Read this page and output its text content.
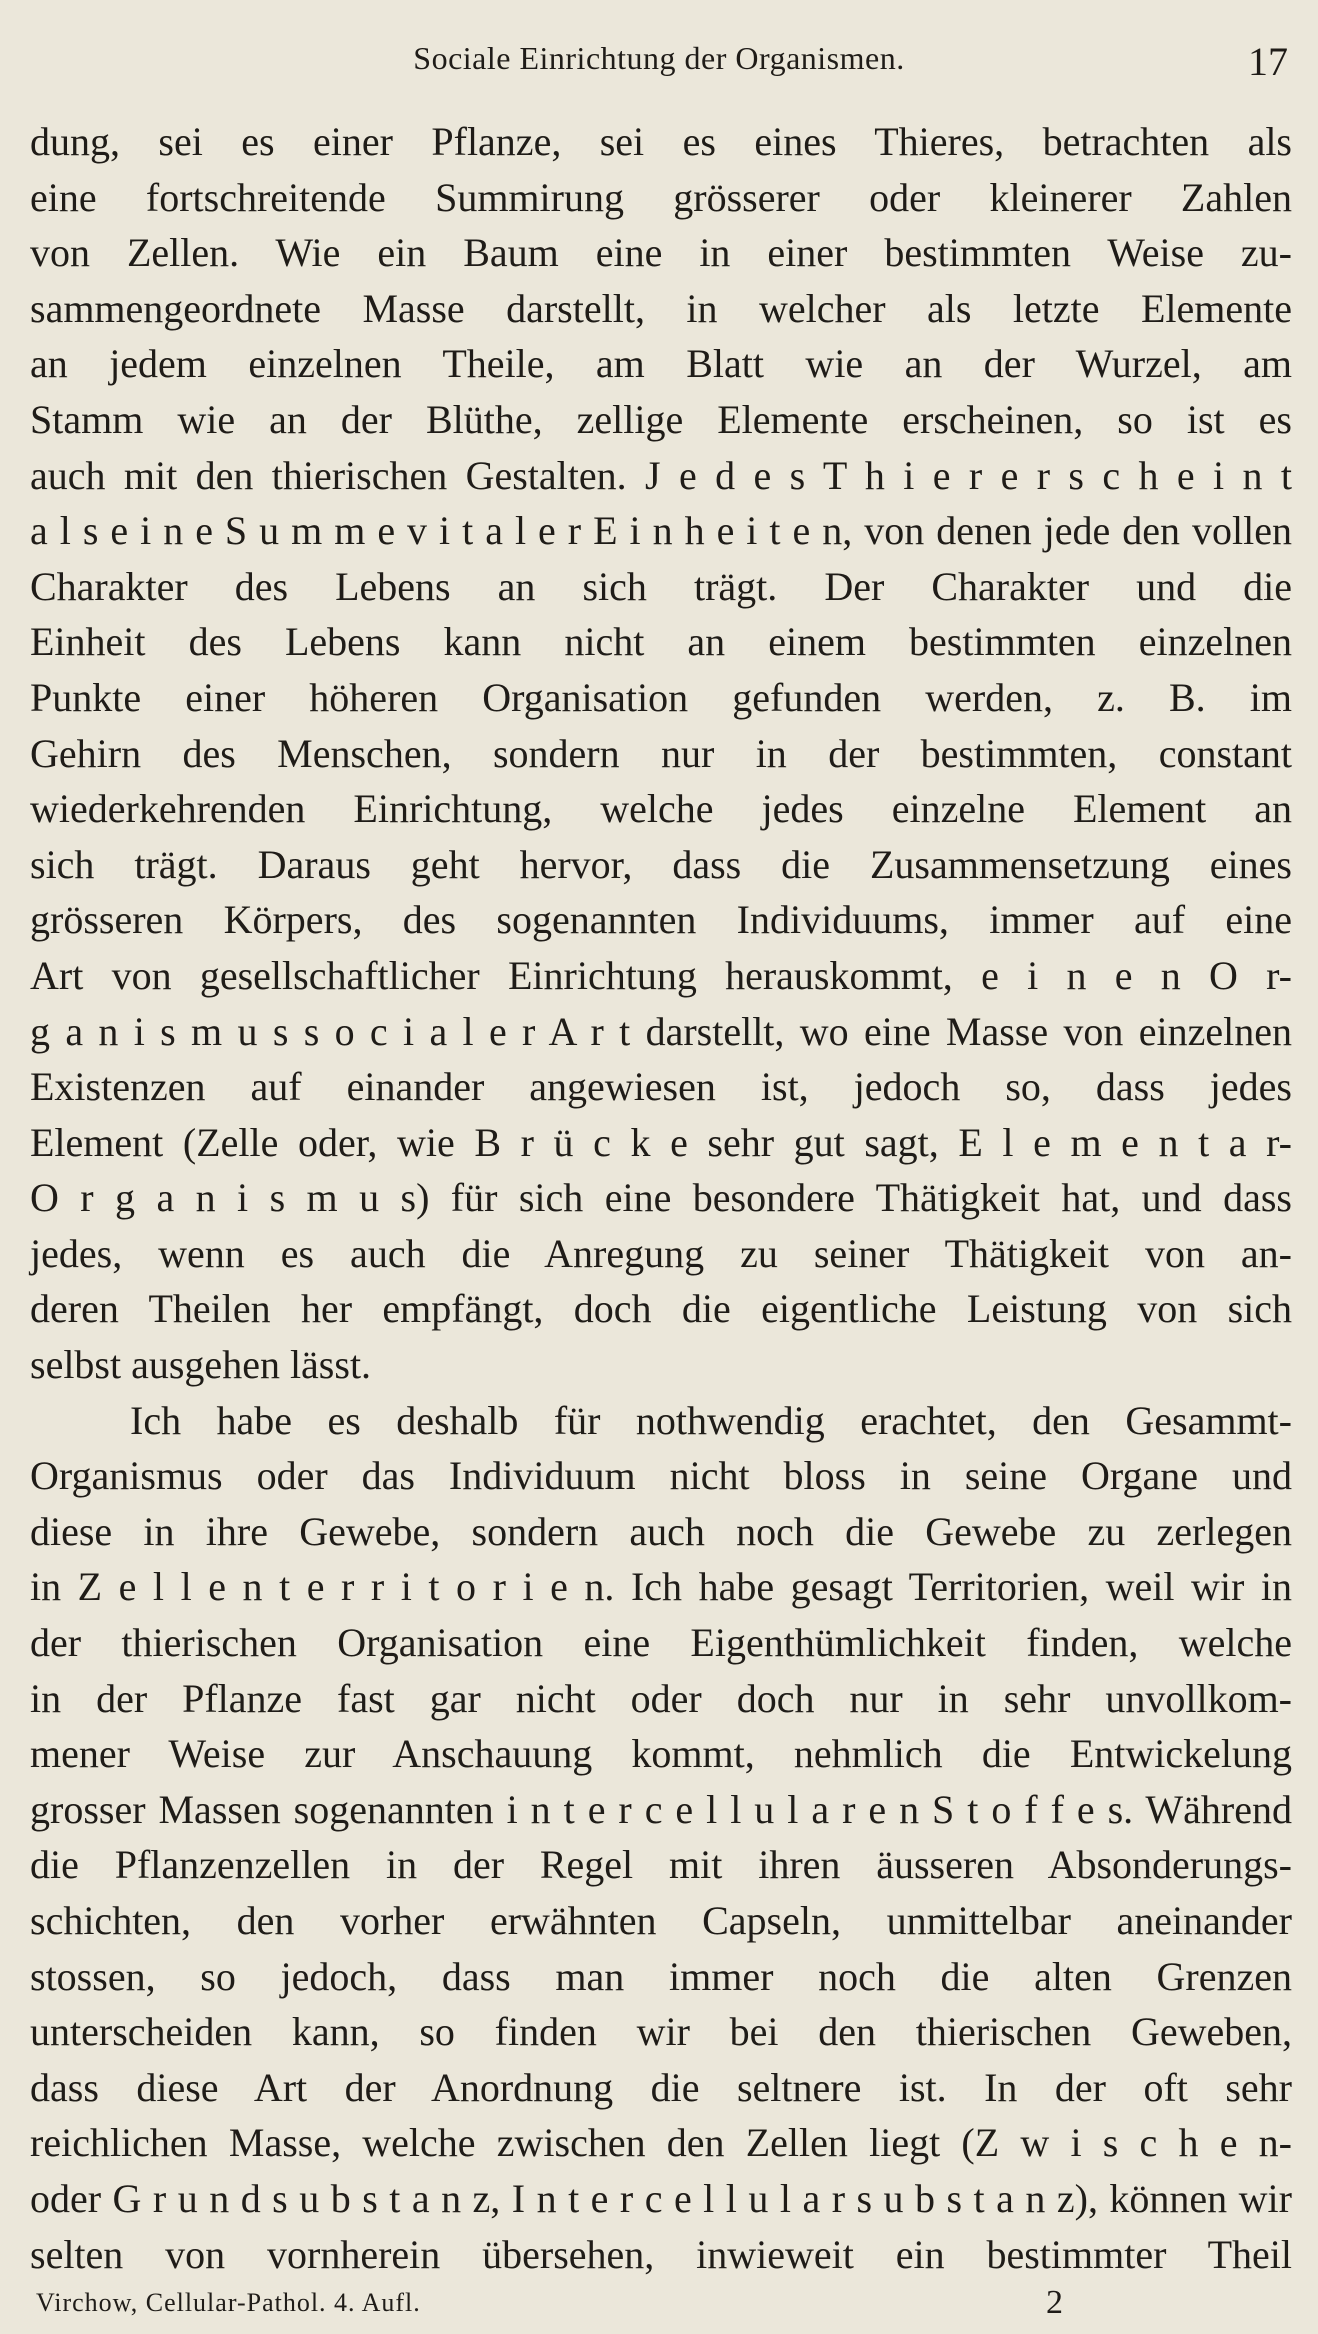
Sociale Einrichtung der Organismen.	17
dung, sei es einer Pflanze, sei es eines Thieres, betrachten als
eine fortschreitende Summirung grösserer oder kleinerer Zahlen
von Zellen. Wie ein Baum eine in einer bestimmten Weise zu-
sammengeordnete Masse darstellt, in welcher als letzte Elemente
an jedem einzelnen Theile, am Blatt wie an der Wurzel, am
Stamm wie an der Blüthe, zellige Elemente erscheinen, so ist es
auch mit den thierischen Gestalten. J e d e s T h i e r e r s c h e i n t
a l s e i n e S u m m e v i t a l e r E i n h e i t e n, von denen jede den vollen
Charakter des Lebens an sich trägt. Der Charakter und die
Einheit des Lebens kann nicht an einem bestimmten einzelnen
Punkte einer höheren Organisation gefunden werden, z. B. im
Gehirn des Menschen, sondern nur in der bestimmten, constant
wiederkehrenden Einrichtung, welche jedes einzelne Element an
sich trägt. Daraus geht hervor, dass die Zusammensetzung eines
grösseren Körpers, des sogenannten Individuums, immer auf eine
Art von gesellschaftlicher Einrichtung herauskommt, e i n e n O r-
g a n i s m u s s o c i a l e r A r t darstellt, wo eine Masse von einzelnen
Existenzen auf einander angewiesen ist, jedoch so, dass jedes
Element (Zelle oder, wie B r ü c k e sehr gut sagt, E l e m e n t a r-
O r g a n i s m u s) für sich eine besondere Thätigkeit hat, und dass
jedes, wenn es auch die Anregung zu seiner Thätigkeit von an-
deren Theilen her empfängt, doch die eigentliche Leistung von sich
selbst ausgehen lässt.
Ich habe es deshalb für nothwendig erachtet, den Gesammt-
Organismus oder das Individuum nicht bloss in seine Organe und
diese in ihre Gewebe, sondern auch noch die Gewebe zu zerlegen
in Z e l l e n t e r r i t o r i e n. Ich habe gesagt Territorien, weil wir in
der thierischen Organisation eine Eigenthümlichkeit finden, welche
in der Pflanze fast gar nicht oder doch nur in sehr unvollkom-
mener Weise zur Anschauung kommt, nehmlich die Entwickelung
grosser Massen sogenannten i n t e r c e l l u l a r e n S t o f f e s. Während
die Pflanzenzellen in der Regel mit ihren äusseren Absonderungs-
schichten, den vorher erwähnten Capseln, unmittelbar aneinander
stossen, so jedoch, dass man immer noch die alten Grenzen
unterscheiden kann, so finden wir bei den thierischen Geweben,
dass diese Art der Anordnung die seltnere ist. In der oft sehr
reichlichen Masse, welche zwischen den Zellen liegt (Z w i s c h e n-
oder G r u n d s u b s t a n z, I n t e r c e l l u l a r s u b s t a n z), können wir
selten von vornherein übersehen, inwieweit ein bestimmter Theil
Virchow, Cellular-Pathol. 4. Aufl.	2
